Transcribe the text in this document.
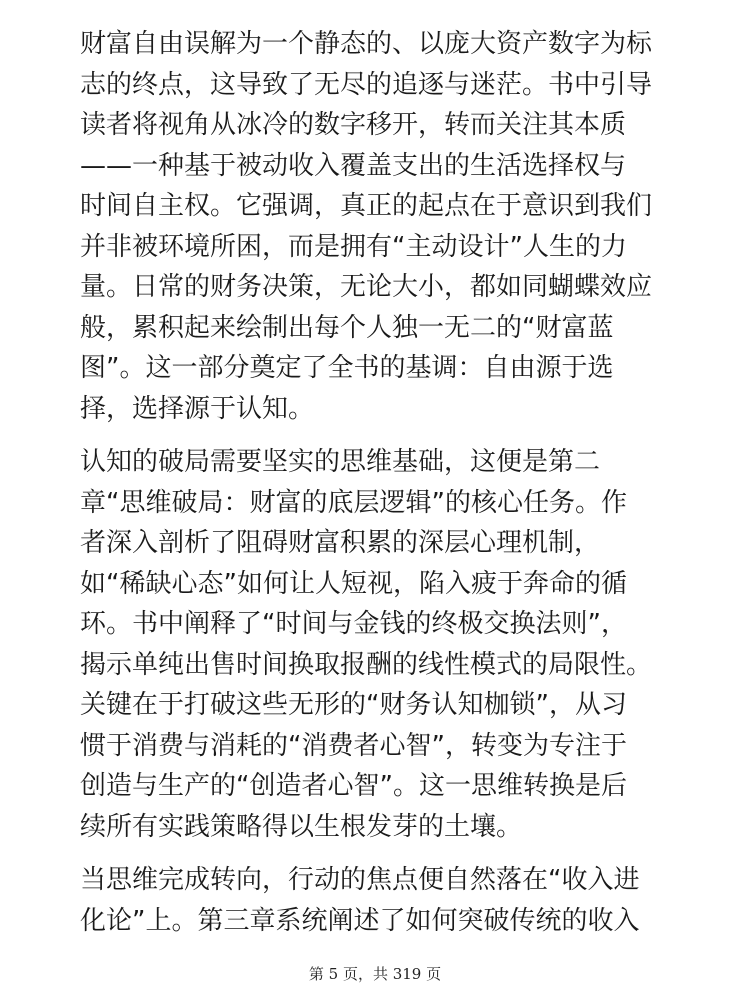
财富自由误解为一个静态的、以庞大资产数字为标
志的终点，这导致了无尽的追逐与迷茫。书中引导
读者将视角从冰冷的数字移开，转而关注其本质
——一种基于被动收入覆盖支出的生活选择权与
时间自主权。它强调，真正的起点在于意识到我们
并非被环境所困，而是拥有“主动设计”人生的力
量。日常的财务决策，无论大小，都如同蝴蝶效应
般，累积起来绘制出每个人独一无二的“财富蓝
图”。这一部分奠定了全书的基调：自由源于选
择，选择源于认知。

认知的破局需要坚实的思维基础，这便是第二
章“思维破局：财富的底层逻辑”的核心任务。作
者深入剖析了阻碍财富积累的深层心理机制，
如“稀缺心态”如何让人短视，陷入疲于奔命的循
环。书中阐释了“时间与金钱的终极交换法则”，
揭示单纯出售时间换取报酬的线性模式的局限性。
关键在于打破这些无形的“财务认知枷锁”，从习
惯于消费与消耗的“消费者心智”，转变为专注于
创造与生产的“创造者心智”。这一思维转换是后
续所有实践策略得以生根发芽的土壤。

当思维完成转向，行动的焦点便自然落在“收入进
化论”上。第三章系统阐述了如何突破传统的收入

第 5 页，共 319 页
